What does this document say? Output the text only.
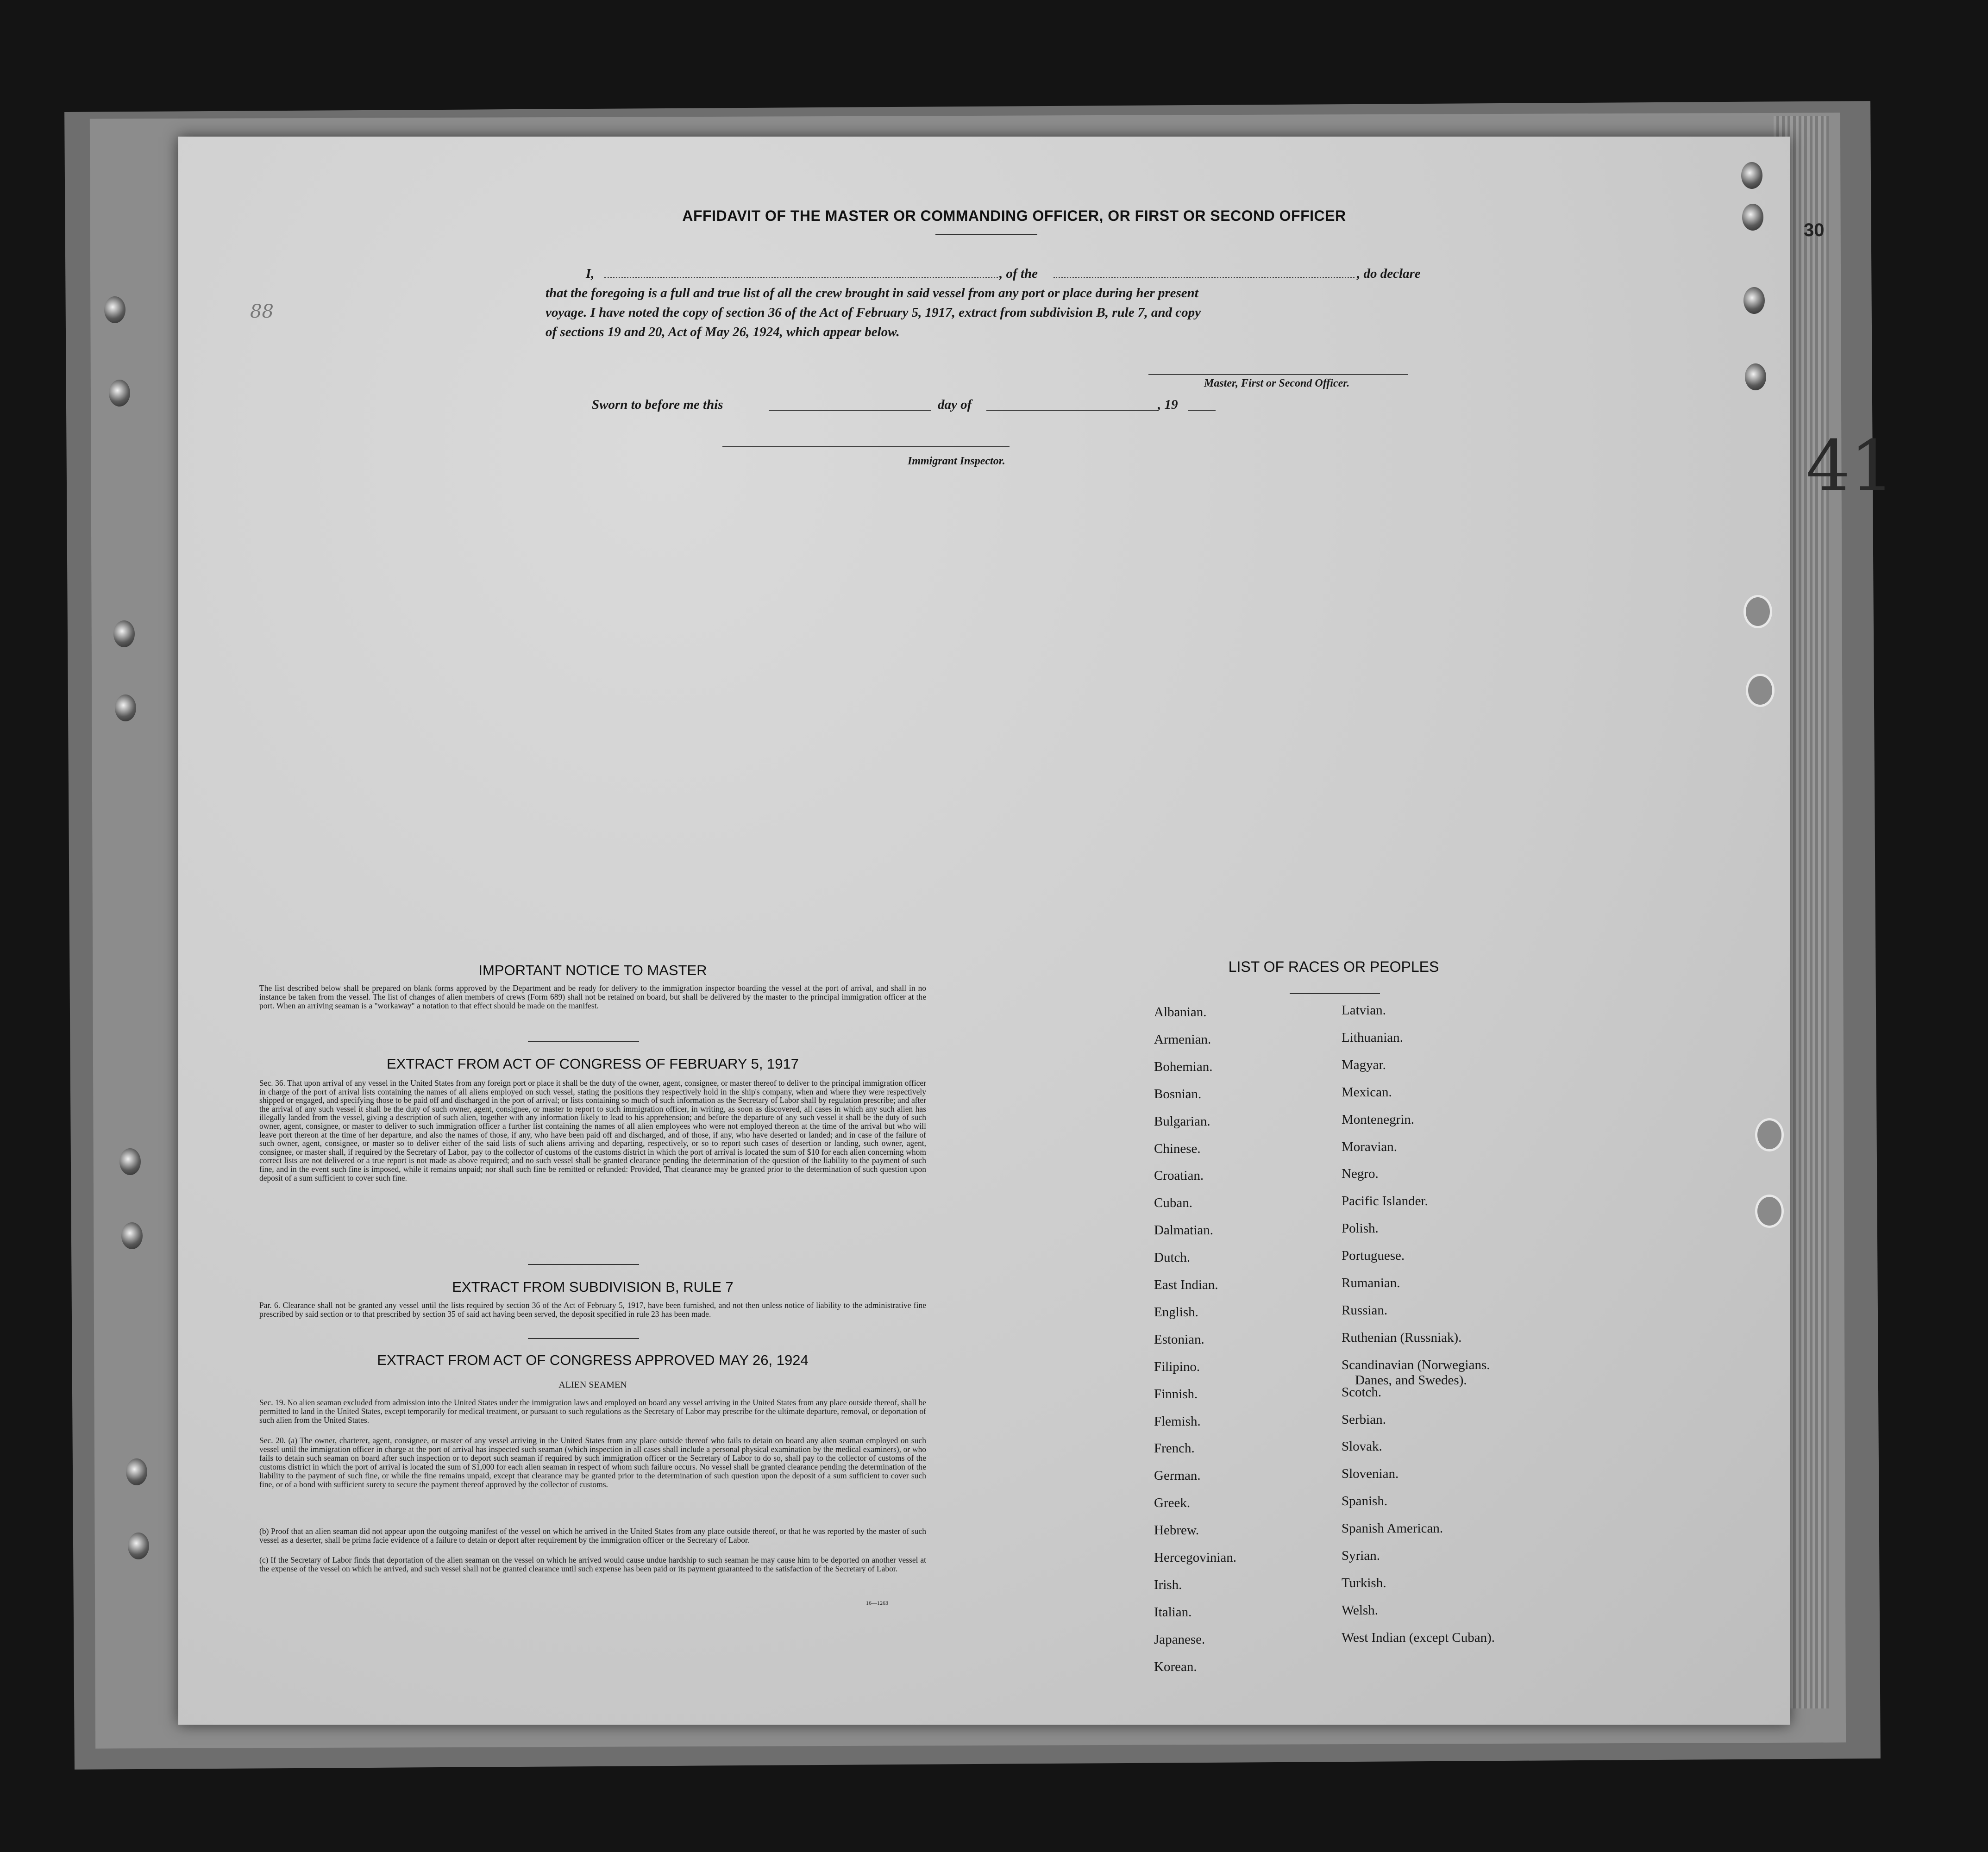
88
30
41
AFFIDAVIT OF THE MASTER OR COMMANDING OFFICER, OR FIRST OR SECOND OFFICER
I,	, of the	, do declare
that the foregoing is a full and true list of all the crew brought in said vessel from any port or place during her present
voyage. I have noted the copy of section 36 of the Act of February 5, 1917, extract from subdivision B, rule 7, and copy
of sections 19 and 20, Act of May 26, 1924, which appear below.
Master, First or Second Officer.
Sworn to before me this	day of	, 19
Immigrant Inspector.
IMPORTANT NOTICE TO MASTER
The list described below shall be prepared on blank forms approved by the Department and be ready for delivery to the immigration inspector boarding the vessel at the port of arrival, and shall in no instance be taken from the vessel. The list of changes of alien members of crews (Form 689) shall not be retained on board, but shall be delivered by the master to the principal immigration officer at the port. When an arriving seaman is a "workaway" a notation to that effect should be made on the manifest.
EXTRACT FROM ACT OF CONGRESS OF FEBRUARY 5, 1917
Sec. 36. That upon arrival of any vessel in the United States from any foreign port or place it shall be the duty of the owner, agent, consignee, or master thereof to deliver to the principal immigration officer in charge of the port of arrival lists containing the names of all aliens employed on such vessel, stating the positions they respectively hold in the ship's company, when and where they were respectively shipped or engaged, and specifying those to be paid off and discharged in the port of arrival; or lists containing so much of such information as the Secretary of Labor shall by regulation prescribe; and after the arrival of any such vessel it shall be the duty of such owner, agent, consignee, or master to report to such immigration officer, in writing, as soon as discovered, all cases in which any such alien has illegally landed from the vessel, giving a description of such alien, together with any information likely to lead to his apprehension; and before the departure of any such vessel it shall be the duty of such owner, agent, consignee, or master to deliver to such immigration officer a further list containing the names of all alien employees who were not employed thereon at the time of the arrival but who will leave port thereon at the time of her departure, and also the names of those, if any, who have been paid off and discharged, and of those, if any, who have deserted or landed; and in case of the failure of such owner, agent, consignee, or master so to deliver either of the said lists of such aliens arriving and departing, respectively, or so to report such cases of desertion or landing, such owner, agent, consignee, or master shall, if required by the Secretary of Labor, pay to the collector of customs of the customs district in which the port of arrival is located the sum of $10 for each alien concerning whom correct lists are not delivered or a true report is not made as above required; and no such vessel shall be granted clearance pending the determination of the question of the liability to the payment of such fine, and in the event such fine is imposed, while it remains unpaid; nor shall such fine be remitted or refunded: Provided, That clearance may be granted prior to the determination of such question upon deposit of a sum sufficient to cover such fine.
EXTRACT FROM SUBDIVISION B, RULE 7
Par. 6. Clearance shall not be granted any vessel until the lists required by section 36 of the Act of February 5, 1917, have been furnished, and not then unless notice of liability to the administrative fine prescribed by said section or to that prescribed by section 35 of said act having been served, the deposit specified in rule 23 has been made.
EXTRACT FROM ACT OF CONGRESS APPROVED MAY 26, 1924
ALIEN SEAMEN
Sec. 19. No alien seaman excluded from admission into the United States under the immigration laws and employed on board any vessel arriving in the United States from any place outside thereof, shall be permitted to land in the United States, except temporarily for medical treatment, or pursuant to such regulations as the Secretary of Labor may prescribe for the ultimate departure, removal, or deportation of such alien from the United States.
Sec. 20. (a) The owner, charterer, agent, consignee, or master of any vessel arriving in the United States from any place outside thereof who fails to detain on board any alien seaman employed on such vessel until the immigration officer in charge at the port of arrival has inspected such seaman (which inspection in all cases shall include a personal physical examination by the medical examiners), or who fails to detain such seaman on board after such inspection or to deport such seaman if required by such immigration officer or the Secretary of Labor to do so, shall pay to the collector of customs of the customs district in which the port of arrival is located the sum of $1,000 for each alien seaman in respect of whom such failure occurs. No vessel shall be granted clearance pending the determination of the liability to the payment of such fine, or while the fine remains unpaid, except that clearance may be granted prior to the determination of such question upon the deposit of a sum sufficient to cover such fine, or of a bond with sufficient surety to secure the payment thereof approved by the collector of customs.
(b) Proof that an alien seaman did not appear upon the outgoing manifest of the vessel on which he arrived in the United States from any place outside thereof, or that he was reported by the master of such vessel as a deserter, shall be prima facie evidence of a failure to detain or deport after requirement by the immigration officer or the Secretary of Labor.
(c) If the Secretary of Labor finds that deportation of the alien seaman on the vessel on which he arrived would cause undue hardship to such seaman he may cause him to be deported on another vessel at the expense of the vessel on which he arrived, and such vessel shall not be granted clearance until such expense has been paid or its payment guaranteed to the satisfaction of the Secretary of Labor.
16—1263
LIST OF RACES OR PEOPLES
Albanian.
Armenian.
Bohemian.
Bosnian.
Bulgarian.
Chinese.
Croatian.
Cuban.
Dalmatian.
Dutch.
East Indian.
English.
Estonian.
Filipino.
Finnish.
Flemish.
French.
German.
Greek.
Hebrew.
Hercegovinian.
Irish.
Italian.
Japanese.
Korean.
Latvian.
Lithuanian.
Magyar.
Mexican.
Montenegrin.
Moravian.
Negro.
Pacific Islander.
Polish.
Portuguese.
Rumanian.
Russian.
Ruthenian (Russniak).
Scandinavian (Norwegians.
Danes, and Swedes).
Scotch.
Serbian.
Slovak.
Slovenian.
Spanish.
Spanish American.
Syrian.
Turkish.
Welsh.
West Indian (except Cuban).
